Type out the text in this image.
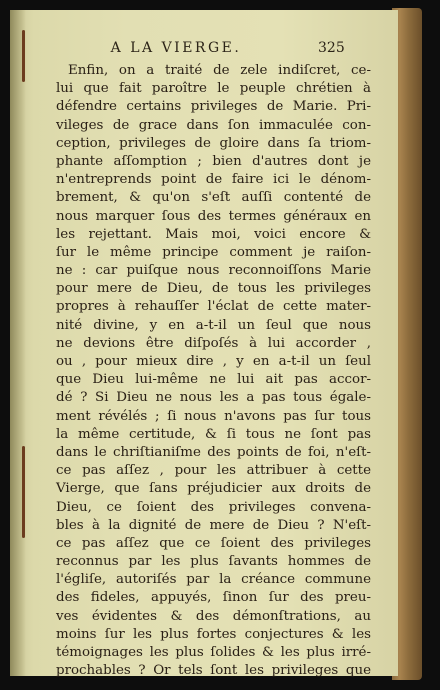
A LA VIERGE.	325
Enfin, on a traité de zele indiſcret, ce-
lui que fait paroître le peuple chrétien à
défendre certains privileges de Marie. Pri-
vileges de grace dans ſon immaculée con-
ception, privileges de gloire dans ſa triom-
phante aſſomption ; bien d'autres dont je
n'entreprends point de faire ici le dénom-
brement, & qu'on s'eſt auſſi contenté de
nous marquer ſous des termes généraux en
les rejettant. Mais moi, voici encore &
ſur le même principe comment je raiſon-
ne : car puiſque nous reconnoiſſons Marie
pour mere de Dieu, de tous les privileges
propres à rehauſſer l'éclat de cette mater-
nité divine, y en a-t-il un ſeul que nous
ne devions être diſpoſés à lui accorder ,
ou , pour mieux dire , y en a-t-il un ſeul
que Dieu lui-même ne lui ait pas accor-
dé ? Si Dieu ne nous les a pas tous égale-
ment révélés ; ſi nous n'avons pas ſur tous
la même certitude, & ſi tous ne ſont pas
dans le chriſtianiſme des points de foi, n'eſt-
ce pas aſſez , pour les attribuer à cette
Vierge, que ſans préjudicier aux droits de
Dieu, ce ſoient des privileges convena-
bles à la dignité de mere de Dieu ? N'eſt-
ce pas aſſez que ce ſoient des privileges
reconnus par les plus ſavants hommes de
l'égliſe, autoriſés par la créance commune
des fideles, appuyés, ſinon ſur des preu-
ves évidentes & des démonſtrations, au
moins ſur les plus fortes conjectures & les
témoignages les plus ſolides & les plus irré-
prochables ? Or tels ſont les privileges que
